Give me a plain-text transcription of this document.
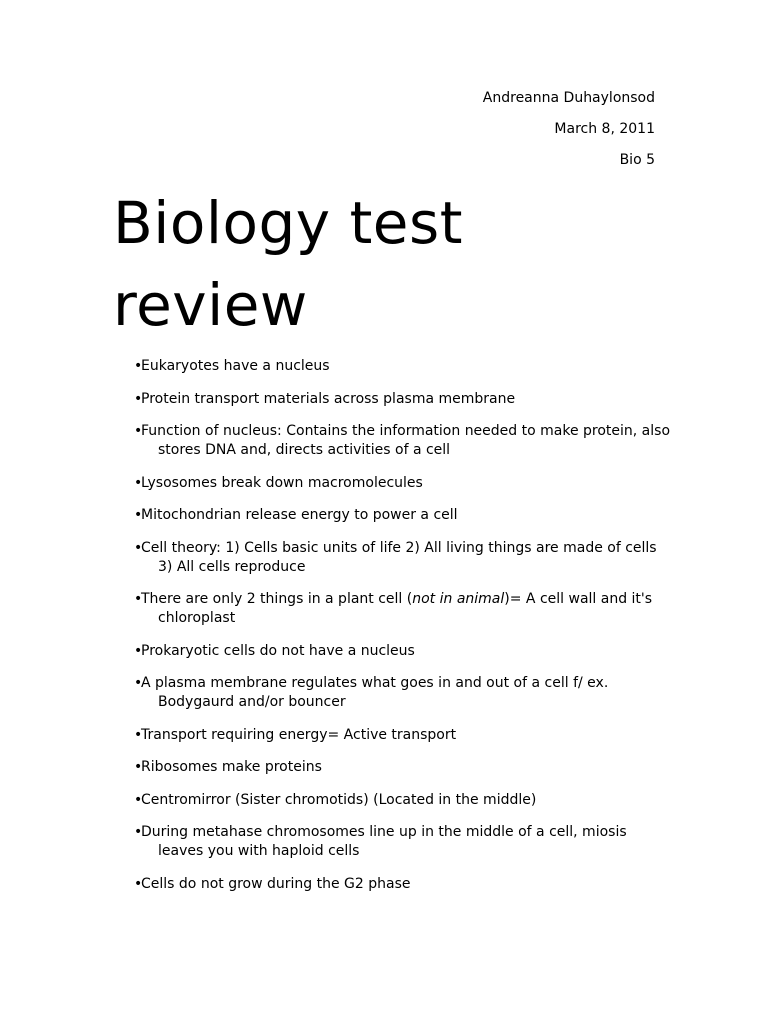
Andreanna Duhaylonsod
March 8, 2011
Bio 5
Biology test
review
•Eukaryotes have a nucleus
•Protein transport materials across plasma membrane
•Function of nucleus: Contains the information needed to make protein, also stores DNA and, directs activities of a cell
•Lysosomes break down macromolecules
•Mitochondrian release energy to power a cell
•Cell theory: 1) Cells basic units of life 2) All living things are made of cells 3) All cells reproduce
•There are only 2 things in a plant cell (not in animal)= A cell wall and it's chloroplast
•Prokaryotic cells do not have a nucleus
•A plasma membrane regulates what goes in and out of a cell f/ ex. Bodygaurd and/or bouncer
•Transport requiring energy= Active transport
•Ribosomes make proteins
•Centromirror (Sister chromotids) (Located in the middle)
•During metahase chromosomes line up in the middle of a cell, miosis leaves you with haploid cells
•Cells do not grow during the G2 phase
